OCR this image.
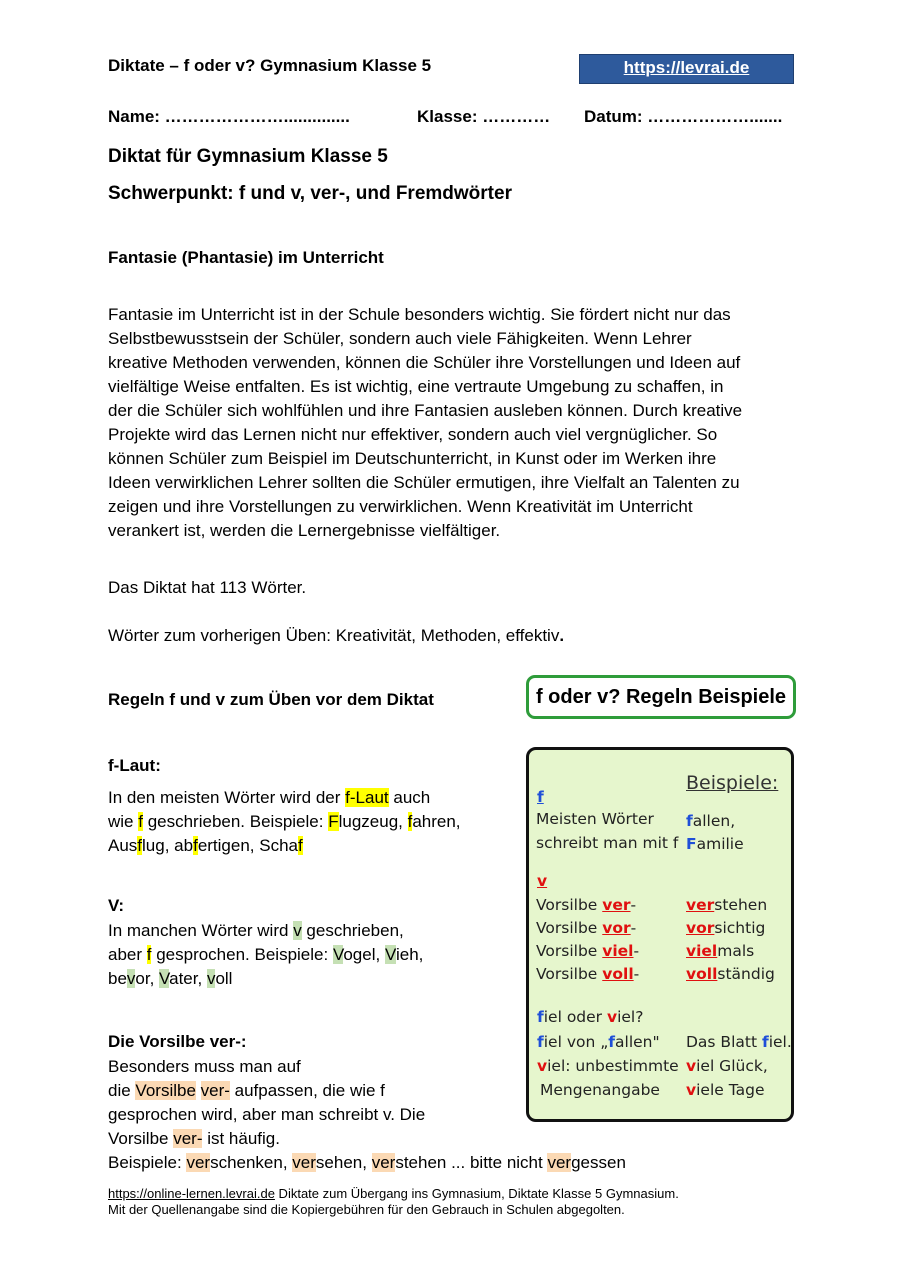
Diktate – f oder v? Gymnasium Klasse 5	https://levrai.de
Name: …………………..............	Klasse: ………… Datum: ……………….......
Diktat für Gymnasium Klasse 5
Schwerpunkt: f und v, ver-, und Fremdwörter
Fantasie (Phantasie) im Unterricht
Fantasie im Unterricht ist in der Schule besonders wichtig. Sie fördert nicht nur das
Selbstbewusstsein der Schüler, sondern auch viele Fähigkeiten. Wenn Lehrer
kreative Methoden verwenden, können die Schüler ihre Vorstellungen und Ideen auf
vielfältige Weise entfalten. Es ist wichtig, eine vertraute Umgebung zu schaffen, in
der die Schüler sich wohlfühlen und ihre Fantasien ausleben können. Durch kreative
Projekte wird das Lernen nicht nur effektiver, sondern auch viel vergnüglicher. So
können Schüler zum Beispiel im Deutschunterricht, in Kunst oder im Werken ihre
Ideen verwirklichen Lehrer sollten die Schüler ermutigen, ihre Vielfalt an Talenten zu
zeigen und ihre Vorstellungen zu verwirklichen. Wenn Kreativität im Unterricht
verankert ist, werden die Lernergebnisse vielfältiger.
Das Diktat hat 113 Wörter.
Wörter zum vorherigen Üben: Kreativität, Methoden, effektiv.
Regeln f und v zum Üben vor dem Diktat
f-Laut:
In den meisten Wörter wird der f-Laut auch
wie f geschrieben. Beispiele: Flugzeug, fahren,
Ausflug, abfertigen, Schaf
V:
In manchen Wörter wird v geschrieben,
aber f gesprochen. Beispiele: Vogel, Vieh,
bevor, Vater, voll
Die Vorsilbe ver-:
Besonders muss man auf
die Vorsilbe ver- aufpassen, die wie f
gesprochen wird, aber man schreibt v. Die
Vorsilbe ver- ist häufig.
Beispiele: verschenken, versehen, verstehen ... bitte nicht vergessen
f oder v? Regeln Beispiele
Beispiele:
f
Meisten Wörter
schreibt man mit f
fallen,
Familie
v
Vorsilbe ver-
Vorsilbe vor-
Vorsilbe viel-
Vorsilbe voll-
verstehen
vorsichtig
vielmals
vollständig
fiel oder viel?
fiel von „fallen" Das Blatt fiel.
viel: unbestimmte viel Glück,
Mengenangabe viele Tage
https://online-lernen.levrai.de Diktate zum Übergang ins Gymnasium, Diktate Klasse 5 Gymnasium.
Mit der Quellenangabe sind die Kopiergebühren für den Gebrauch in Schulen abgegolten.
